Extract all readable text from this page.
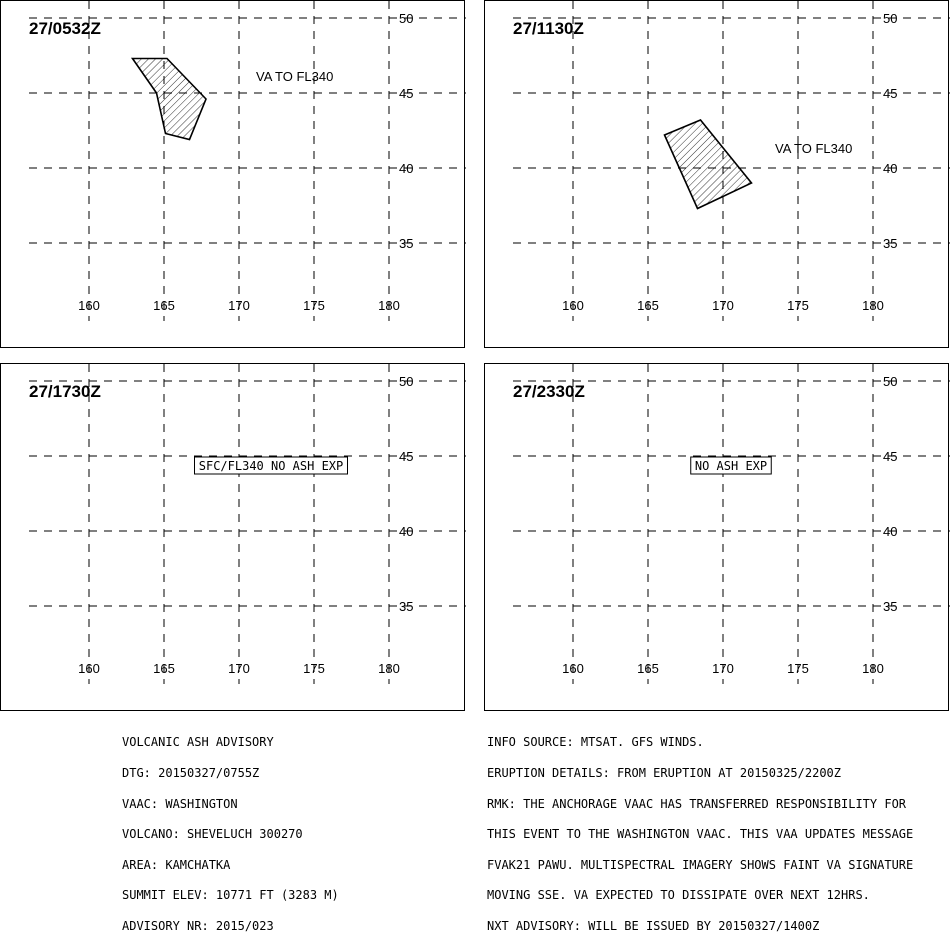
160	165	170	175	180
50
45
40
35
VA TO FL340
27/0532Z
160	165	170	175	180
50
45
40
35
VA TO FL340
27/1130Z
160	165	170	175	180
50
45
40
35
SFC/FL340 NO ASH EXP
27/1730Z
160	165	170	175	180
50
45
40
35
NO ASH EXP
27/2330Z

VOLCANIC ASH ADVISORY

DTG: 20150327/0755Z

VAAC: WASHINGTON

VOLCANO: SHEVELUCH 300270

AREA: KAMCHATKA

SUMMIT ELEV: 10771 FT (3283 M)

ADVISORY NR: 2015/023

INFO SOURCE: MTSAT. GFS WINDS.

ERUPTION DETAILS: FROM ERUPTION AT 20150325/2200Z

RMK: THE ANCHORAGE VAAC HAS TRANSFERRED RESPONSIBILITY FOR

THIS EVENT TO THE WASHINGTON VAAC. THIS VAA UPDATES MESSAGE

FVAK21 PAWU. MULTISPECTRAL IMAGERY SHOWS FAINT VA SIGNATURE

MOVING SSE. VA EXPECTED TO DISSIPATE OVER NEXT 12HRS.

NXT ADVISORY: WILL BE ISSUED BY 20150327/1400Z
